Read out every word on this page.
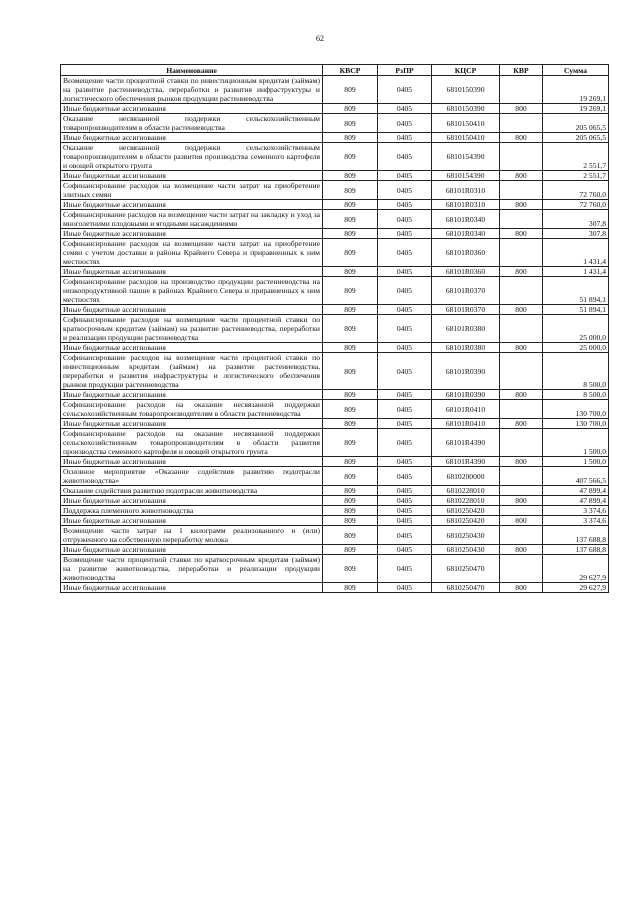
62
Наименование	КВСР	РзПР	КЦСР	КВР	Сумма
Возмещение части процентной ставки по инвестиционным кредитам (займам) на развитие растениеводства, переработки и развития инфраструктуры и логистического обеспечения рынков продукции растениеводства	809	0405	6810150390		19 269,1
Иные бюджетные ассигнования	809	0405	6810150390	800	19 269,1
Оказание несвязанной поддержки сельскохозяйственным товаропроизводителям в области растениеводства	809	0405	6810150410		205 065,5
Иные бюджетные ассигнования	809	0405	6810150410	800	205 065,5
Оказание несвязанной поддержки сельскохозяйственным товаропроизводителям в области развития производства семенного картофеля и овощей открытого грунта	809	0405	6810154390		2 551,7
Иные бюджетные ассигнования	809	0405	6810154390	800	2 551,7
Софинансирование расходов на возмещение части затрат на приобретение элитных семян	809	0405	68101R0310		72 760,0
Иные бюджетные ассигнования	809	0405	68101R0310	800	72 760,0
Софинансирование расходов на возмещение части затрат на закладку и уход за многолетними плодовыми и ягодными насаждениями	809	0405	68101R0340		307,8
Иные бюджетные ассигнования	809	0405	68101R0340	800	307,8
Софинансирование расходов на возмещение части затрат на приобретение семян с учетом доставки в районы Крайнего Севера и приравненных к ним местностях	809	0405	68101R0360		1 431,4
Иные бюджетные ассигнования	809	0405	68101R0360	800	1 431,4
Софинансирование расходов на производство продукции растениеводства на низкопродуктивной пашне в районах Крайнего Севера и приравненных к ним местностях	809	0405	68101R0370		51 894,1
Иные бюджетные ассигнования	809	0405	68101R0370	800	51 894,1
Софинансирование расходов на возмещение части процентной ставки по краткосрочным кредитам (займам) на развитие растениеводства, переработки и реализации продукции растениеводства	809	0405	68101R0380		25 000,0
Иные бюджетные ассигнования	809	0405	68101R0380	800	25 000,0
Софинансирование расходов на возмещение части процентной ставки по инвестиционным кредитам (займам) на развитие растениеводства, переработки и развития инфраструктуры и логистического обеспечения рынков продукции растениеводства	809	0405	68101R0390		8 500,0
Иные бюджетные ассигнования	809	0405	68101R0390	800	8 500,0
Софинансирование расходов на оказание несвязанной поддержки сельскохозяйственным товаропроизводителям в области растениеводства	809	0405	68101R0410		130 700,0
Иные бюджетные ассигнования	809	0405	68101R0410	800	130 700,0
Софинансирование расходов на оказание несвязанной поддержки сельскохозяйственным товаропроизводителям в области развития производства семенного картофеля и овощей открытого грунта	809	0405	68101R4390		1 500,0
Иные бюджетные ассигнования	809	0405	68101R4390	800	1 500,0
Основное мероприятие «Оказание содействия развитию подотрасли животноводства»	809	0405	6810200000		407 566,5
Оказание содействия развитию подотрасли животноводства	809	0405	6810228010		47 899,4
Иные бюджетные ассигнования	809	0405	6810228010	800	47 899,4
Поддержка племенного животноводства	809	0405	6810250420		3 374,6
Иные бюджетные ассигнования	809	0405	6810250420	800	3 374,6
Возмещение части затрат на 1 килограмм реализованного и (или) отгруженного на собственную переработку молока	809	0405	6810250430		137 688,8
Иные бюджетные ассигнования	809	0405	6810250430	800	137 688,8
Возмещение части процентной ставки по краткосрочным кредитам (займам) на развитие животноводства, переработки и реализации продукции животноводства	809	0405	6810250470		29 627,9
Иные бюджетные ассигнования	809	0405	6810250470	800	29 627,9
